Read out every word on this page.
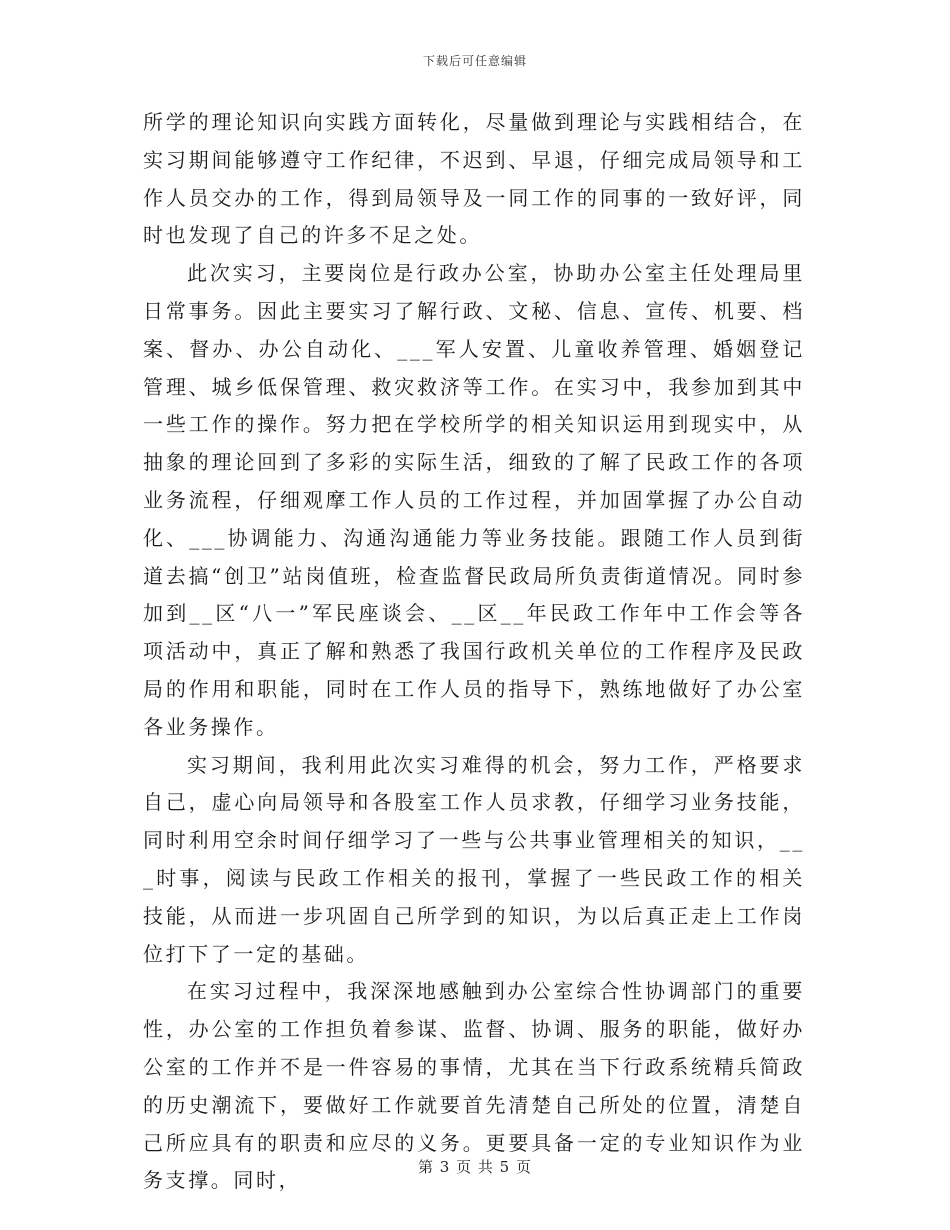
下载后可任意编辑

所学的理论知识向实践方面转化，尽量做到理论与实践相结合，在实习期间能够遵守工作纪律，不迟到、早退，仔细完成局领导和工作人员交办的工作，得到局领导及一同工作的同事的一致好评，同时也发现了自己的许多不足之处。

此次实习，主要岗位是行政办公室，协助办公室主任处理局里日常事务。因此主要实习了解行政、文秘、信息、宣传、机要、档案、督办、办公自动化、___军人安置、儿童收养管理、婚姻登记管理、城乡低保管理、救灾救济等工作。在实习中，我参加到其中一些工作的操作。努力把在学校所学的相关知识运用到现实中，从抽象的理论回到了多彩的实际生活，细致的了解了民政工作的各项业务流程，仔细观摩工作人员的工作过程，并加固掌握了办公自动化、___协调能力、沟通沟通能力等业务技能。跟随工作人员到街道去搞“创卫”站岗值班，检查监督民政局所负责街道情况。同时参加到__区“八一”军民座谈会、__区__年民政工作年中工作会等各项活动中，真正了解和熟悉了我国行政机关单位的工作程序及民政局的作用和职能，同时在工作人员的指导下，熟练地做好了办公室各业务操作。

实习期间，我利用此次实习难得的机会，努力工作，严格要求自己，虚心向局领导和各股室工作人员求教，仔细学习业务技能，同时利用空余时间仔细学习了一些与公共事业管理相关的知识，___时事，阅读与民政工作相关的报刊，掌握了一些民政工作的相关技能，从而进一步巩固自己所学到的知识，为以后真正走上工作岗位打下了一定的基础。

在实习过程中，我深深地感触到办公室综合性协调部门的重要性，办公室的工作担负着参谋、监督、协调、服务的职能，做好办公室的工作并不是一件容易的事情，尤其在当下行政系统精兵简政的历史潮流下，要做好工作就要首先清楚自己所处的位置，清楚自己所应具有的职责和应尽的义务。更要具备一定的专业知识作为业务支撑。同时，

第 3 页 共 5 页
